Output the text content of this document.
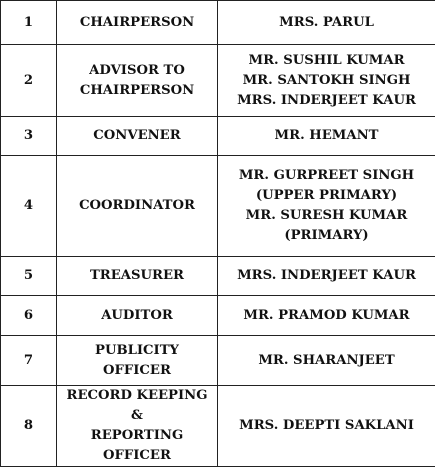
1	CHAIRPERSON	MRS. PARUL

2	ADVISOR TO
CHAIRPERSON	MR. SUSHIL KUMAR
MR. SANTOKH SINGH
MRS. INDERJEET KAUR

3	CONVENER	MR. HEMANT

4	COORDINATOR	MR. GURPREET SINGH
(UPPER PRIMARY)
MR. SURESH KUMAR
(PRIMARY)

5	TREASURER	MRS. INDERJEET KAUR

6	AUDITOR	MR. PRAMOD KUMAR

7	PUBLICITY OFFICER	MR. SHARANJEET

8	RECORD KEEPING &
REPORTING
OFFICER	MRS. DEEPTI SAKLANI
